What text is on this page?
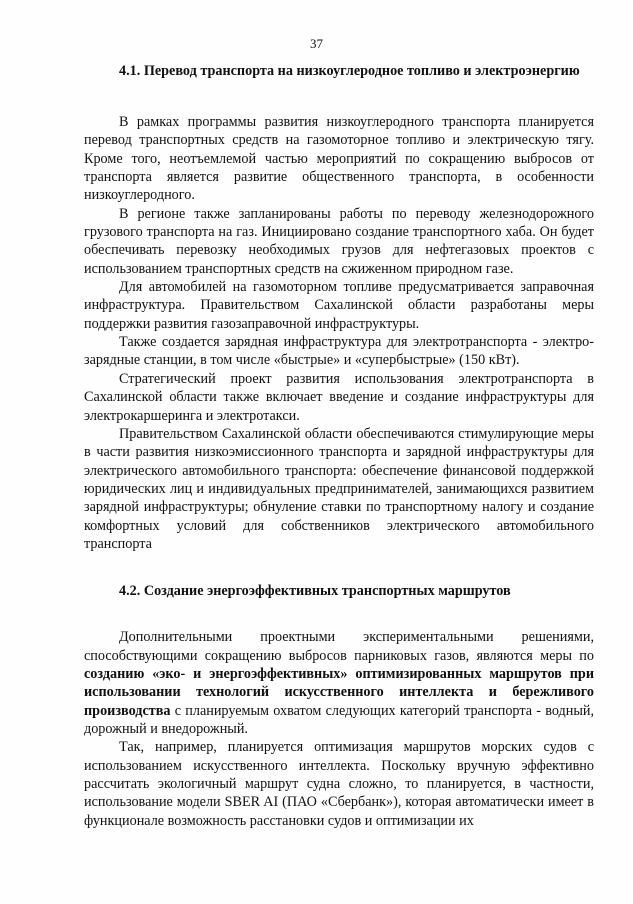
37
4.1. Перевод транспорта на низкоуглеродное топливо и электроэнергию

В рамках программы развития низкоуглеродного транспорта планируется перевод транспортных средств на газомоторное топливо и электрическую тягу. Кроме того, неотъемлемой частью мероприятий по сокращению выбросов от транспорта является развитие общественного транспорта, в особенности низкоуглеродного.

В регионе также запланированы работы по переводу железнодорожного грузового транспорта на газ. Инициировано создание транспортного хаба. Он будет обеспечивать перевозку необходимых грузов для нефтегазовых проектов с использованием транспортных средств на сжиженном природном газе.

Для автомобилей на газомоторном топливе предусматривается заправочная инфраструктура. Правительством Сахалинской области разработаны меры поддержки развития газозаправочной инфраструктуры.

Также создается зарядная инфраструктура для электротранспорта - электро-зарядные станции, в том числе «быстрые» и «супербыстрые» (150 кВт).

Стратегический проект развития использования электротранспорта в Сахалинской области также включает введение и создание инфраструктуры для электрокаршеринга и электротакси.

Правительством Сахалинской области обеспечиваются стимулирующие меры в части развития низкоэмиссионного транспорта и зарядной инфраструктуры для электрического автомобильного транспорта: обеспечение финансовой поддержкой юридических лиц и индивидуальных предпринимателей, занимающихся развитием зарядной инфраструктуры; обнуление ставки по транспортному налогу и создание комфортных условий для собственников электрического автомобильного транспорта

4.2. Создание энергоэффективных транспортных маршрутов

Дополнительными проектными экспериментальными решениями, способствующими сокращению выбросов парниковых газов, являются меры по созданию «эко- и энергоэффективных» оптимизированных маршрутов при использовании технологий искусственного интеллекта и бережливого производства с планируемым охватом следующих категорий транспорта - водный, дорожный и внедорожный.

Так, например, планируется оптимизация маршрутов морских судов с использованием искусственного интеллекта. Поскольку вручную эффективно рассчитать экологичный маршрут судна сложно, то планируется, в частности, использование модели SBER AI (ПАО «Сбербанк»), которая автоматически имеет в функционале возможность расстановки судов и оптимизации их
